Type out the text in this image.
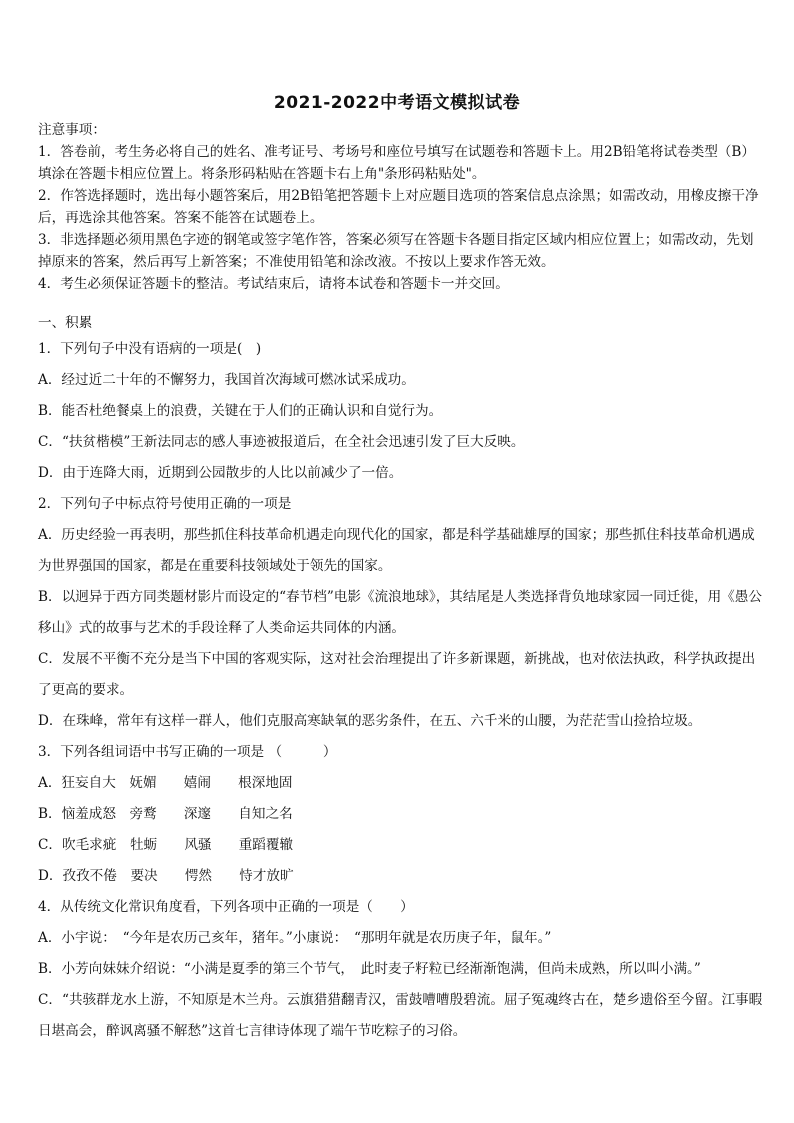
2021-2022中考语文模拟试卷
注意事项：

1．答卷前，考生务必将自己的姓名、准考证号、考场号和座位号填写在试题卷和答题卡上。用2B铅笔将试卷类型（B）填涂在答题卡相应位置上。将条形码粘贴在答题卡右上角"条形码粘贴处"。

2．作答选择题时，选出每小题答案后，用2B铅笔把答题卡上对应题目选项的答案信息点涂黑；如需改动，用橡皮擦干净后，再选涂其他答案。答案不能答在试题卷上。

3．非选择题必须用黑色字迹的钢笔或签字笔作答，答案必须写在答题卡各题目指定区域内相应位置上；如需改动，先划掉原来的答案，然后再写上新答案；不准使用铅笔和涂改液。不按以上要求作答无效。

4．考生必须保证答题卡的整洁。考试结束后，请将本试卷和答题卡一并交回。

一、积累

1．下列句子中没有语病的一项是(　)

A．经过近二十年的不懈努力，我国首次海域可燃冰试采成功。

B．能否杜绝餐桌上的浪费，关键在于人们的正确认识和自觉行为。

C．“扶贫楷模”王新法同志的感人事迹被报道后，在全社会迅速引发了巨大反映。

D．由于连降大雨，近期到公园散步的人比以前减少了一倍。

2．下列句子中标点符号使用正确的一项是

A．历史经验一再表明，那些抓住科技革命机遇走向现代化的国家，都是科学基础雄厚的国家；那些抓住科技革命机遇成为世界强国的国家，都是在重要科技领域处于领先的国家。

B．以迥异于西方同类题材影片而设定的“春节档”电影《流浪地球》，其结尾是人类选择背负地球家园一同迁徙，用《愚公移山》式的故事与艺术的手段诠释了人类命运共同体的内涵。

C．发展不平衡不充分是当下中国的客观实际，这对社会治理提出了许多新课题，新挑战，也对依法执政，科学执政提出了更高的要求。

D．在珠峰，常年有这样一群人，他们克服高寒缺氧的恶劣条件，在五、六千米的山腰，为茫茫雪山捡拾垃圾。

3．下列各组词语中书写正确的一项是 （　　　）

A．狂妄自大　妩媚　　嬉闹　　根深地固

B．恼羞成怒　旁鹜　　深邃　　自知之名

C．吹毛求疵　牡蛎　　风骚　　重蹈覆辙

D．孜孜不倦　要决　　愕然　　恃才放旷

4．从传统文化常识角度看，下列各项中正确的一项是（　　）

A．小宇说：　“今年是农历己亥年，猪年。”小康说：　“那明年就是农历庚子年，鼠年。”

B．小芳向妹妹介绍说：“小满是夏季的第三个节气，　此时麦子籽粒已经渐渐饱满，但尚未成熟，所以叫小满。”

C．“共骇群龙水上游，不知原是木兰舟。云旗猎猎翻青汉，雷鼓嘈嘈殷碧流。屈子冤魂终古在，楚乡遗俗至今留。江事暇日堪高会，醉讽离骚不解愁”这首七言律诗体现了端午节吃粽子的习俗。
